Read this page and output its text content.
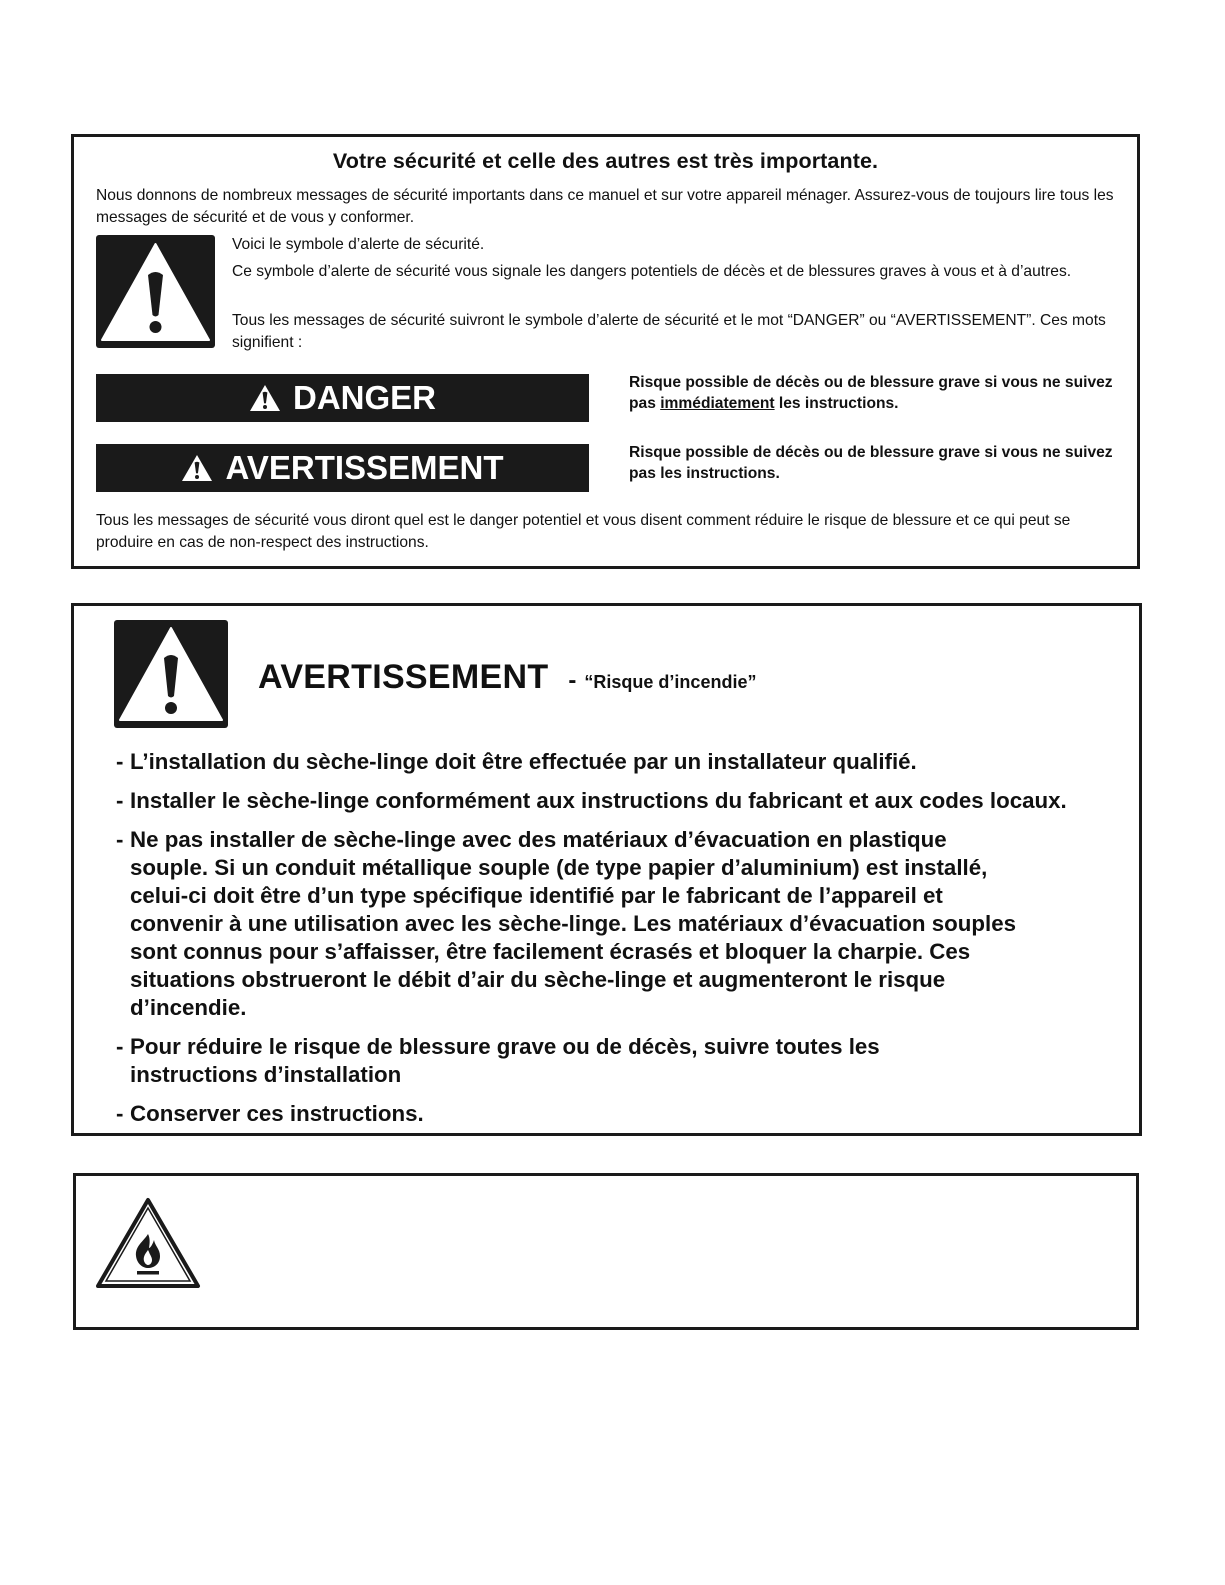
Votre sécurité et celle des autres est très importante.
Nous donnons de nombreux messages de sécurité importants dans ce manuel et sur votre appareil ménager. Assurez-vous de toujours lire tous les messages de sécurité et de vous y conformer.
Voici le symbole d’alerte de sécurité.
Ce symbole d’alerte de sécurité vous signale les dangers potentiels de décès et de blessures graves à vous et à d’autres.
Tous les messages de sécurité suivront le symbole d’alerte de sécurité et le mot “DANGER” ou “AVERTISSEMENT”. Ces mots signifient :
DANGER	Risque possible de décès ou de blessure grave si vous ne suivez pas immédiatement les instructions.
AVERTISSEMENT	Risque possible de décès ou de blessure grave si vous ne suivez pas les instructions.
Tous les messages de sécurité vous diront quel est le danger potentiel et vous disent comment réduire le risque de blessure et ce qui peut se produire en cas de non-respect des instructions.
AVERTISSEMENT - “Risque d’incendie”
- L’installation du sèche-linge doit être effectuée par un installateur qualifié.
- Installer le sèche-linge conformément aux instructions du fabricant et aux codes locaux.
- Ne pas installer de sèche-linge avec des matériaux d’évacuation en plastique souple. Si un conduit métallique souple (de type papier d’aluminium) est installé, celui-ci doit être d’un type spécifique identifié par le fabricant de l’appareil et convenir à une utilisation avec les sèche-linge. Les matériaux d’évacuation souples sont connus pour s’affaisser, être facilement écrasés et bloquer la charpie. Ces situations obstrueront le débit d’air du sèche-linge et augmenteront le risque d’incendie.
- Pour réduire le risque de blessure grave ou de décès, suivre toutes les instructions d’installation
- Conserver ces instructions.
